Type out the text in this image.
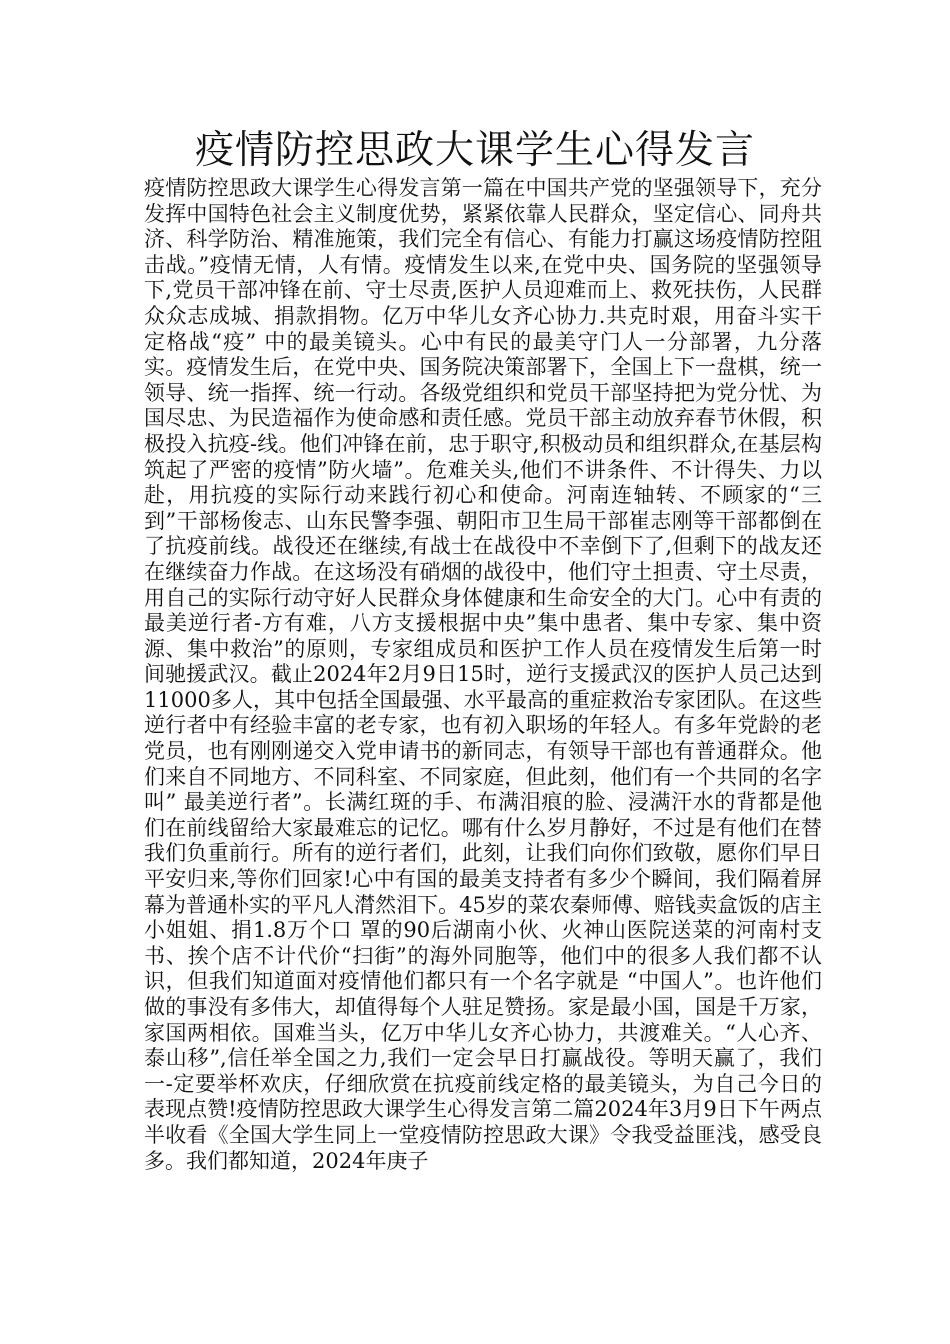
疫情防控思政大课学生心得发言

疫情防控思政大课学生心得发言第一篇在中国共产党的坚强领导下，充分发挥中国特色社会主义制度优势，紧紧依靠人民群众，坚定信心、同舟共济、科学防治、精准施策，我们完全有信心、有能力打赢这场疫情防控阻击战。”疫情无情，人有情。疫情发生以来,在党中央、国务院的坚强领导下,党员干部冲锋在前、守士尽责,医护人员迎难而上、救死扶伤，人民群众众志成城、捐款捐物。亿万中华儿女齐心协力.共克时艰，用奋斗实干定格战“疫” 中的最美镜头。心中有民的最美守门人一分部署，九分落实。疫情发生后，在党中央、国务院决策部署下，全国上下一盘棋，统一领导、统一指挥、统一行动。各级党组织和党员干部坚持把为党分忧、为国尽忠、为民造福作为使命感和责任感。党员干部主动放弃春节休假，积极投入抗疫-线。他们冲锋在前，忠于职守,积极动员和组织群众,在基层构筑起了严密的疫情”防火墙”。危难关头,他们不讲条件、不计得失、力以赴，用抗疫的实际行动来践行初心和使命。河南连轴转、不顾家的“三到”干部杨俊志、山东民警李强、朝阳市卫生局干部崔志刚等干部都倒在了抗疫前线。战役还在继续,有战士在战役中不幸倒下了,但剩下的战友还在继续奋力作战。在这场没有硝烟的战役中，他们守土担责、守土尽责，用自己的实际行动守好人民群众身体健康和生命安全的大门。心中有责的最美逆行者-方有难，八方支援根据中央”集中患者、集中专家、集中资源、集中救治”的原则，专家组成员和医护工作人员在疫情发生后第一时间驰援武汉。截止2024年2月9日15时，逆行支援武汉的医护人员己达到11000多人，其中包括全国最强、水平最高的重症救治专家团队。在这些逆行者中有经验丰富的老专家，也有初入职场的年轻人。有多年党龄的老党员，也有刚刚递交入党申请书的新同志，有领导干部也有普通群众。他们来自不同地方、不同科室、不同家庭，但此刻，他们有一个共同的名字叫” 最美逆行者”。长满红斑的手、布满泪痕的脸、浸满汗水的背都是他们在前线留给大家最难忘的记忆。哪有什么岁月静好，不过是有他们在替我们负重前行。所有的逆行者们，此刻，让我们向你们致敬，愿你们早日平安归来,等你们回家!心中有国的最美支持者有多少个瞬间，我们隔着屏幕为普通朴实的平凡人潸然泪下。45岁的菜农秦师傅、赔钱卖盒饭的店主小姐姐、捐1.8万个口 罩的90后湖南小伙、火神山医院送菜的河南村支书、挨个店不计代价“扫街”的海外同胞等，他们中的很多人我们都不认识，但我们知道面对疫情他们都只有一个名字就是 “中国人”。也许他们做的事没有多伟大，却值得每个人驻足赞扬。家是最小国，国是千万家，家国两相依。国难当头，亿万中华儿女齐心协力，共渡难关。“人心齐、 泰山移”,信任举全国之力,我们一定会早日打赢战役。等明天赢了，我们一-定要举杯欢庆，仔细欣赏在抗疫前线定格的最美镜头，为自己今日的表现点赞!疫情防控思政大课学生心得发言第二篇2024年3月9日下午两点半收看《全国大学生同上一堂疫情防控思政大课》令我受益匪浅，感受良多。我们都知道，2024年庚子
